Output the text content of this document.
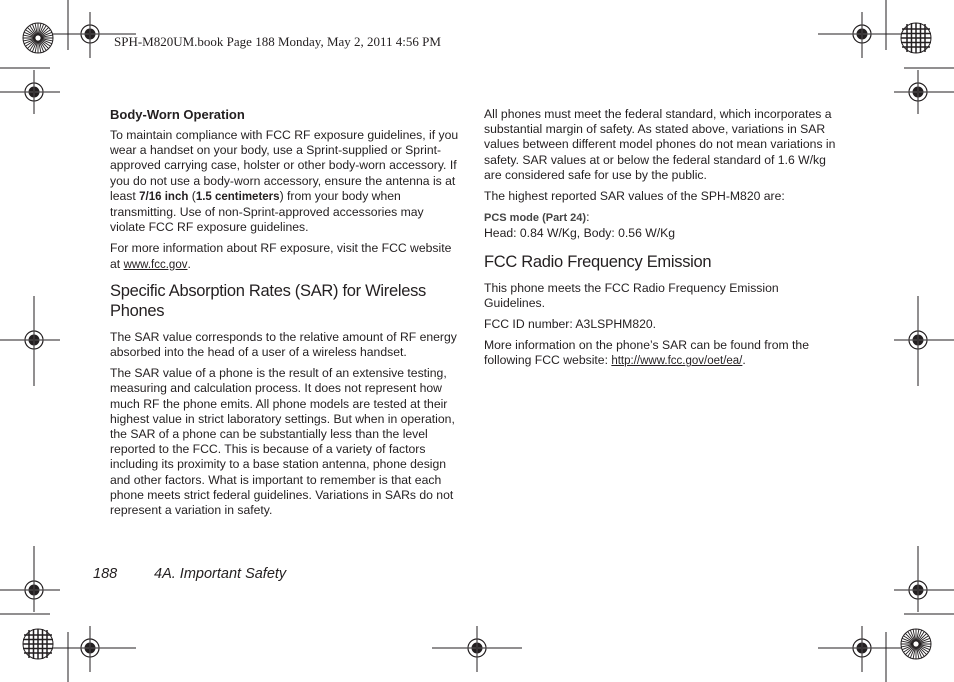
SPH-M820UM.book Page 188 Monday, May 2, 2011 4:56 PM

Body-Worn Operation

To maintain compliance with FCC RF exposure guidelines, if you wear a handset on your body, use a Sprint-supplied or Sprint-approved carrying case, holster or other body-worn accessory. If you do not use a body-worn accessory, ensure the antenna is at least 7/16 inch (1.5 centimeters) from your body when transmitting. Use of non-Sprint-approved accessories may violate FCC RF exposure guidelines.

For more information about RF exposure, visit the FCC website at www.fcc.gov.

Specific Absorption Rates (SAR) for Wireless Phones

The SAR value corresponds to the relative amount of RF energy absorbed into the head of a user of a wireless handset.

The SAR value of a phone is the result of an extensive testing, measuring and calculation process. It does not represent how much RF the phone emits. All phone models are tested at their highest value in strict laboratory settings. But when in operation, the SAR of a phone can be substantially less than the level reported to the FCC. This is because of a variety of factors including its proximity to a base station antenna, phone design and other factors. What is important to remember is that each phone meets strict federal guidelines. Variations in SARs do not represent a variation in safety.

All phones must meet the federal standard, which incorporates a substantial margin of safety. As stated above, variations in SAR values between different model phones do not mean variations in safety. SAR values at or below the federal standard of 1.6 W/kg are considered safe for use by the public.

The highest reported SAR values of the SPH-M820 are:

PCS mode (Part 24):
Head: 0.84 W/Kg, Body: 0.56 W/Kg

FCC Radio Frequency Emission

This phone meets the FCC Radio Frequency Emission Guidelines.

FCC ID number: A3LSPHM820.

More information on the phone’s SAR can be found from the following FCC website: http://www.fcc.gov/oet/ea/.

188	4A. Important Safety
